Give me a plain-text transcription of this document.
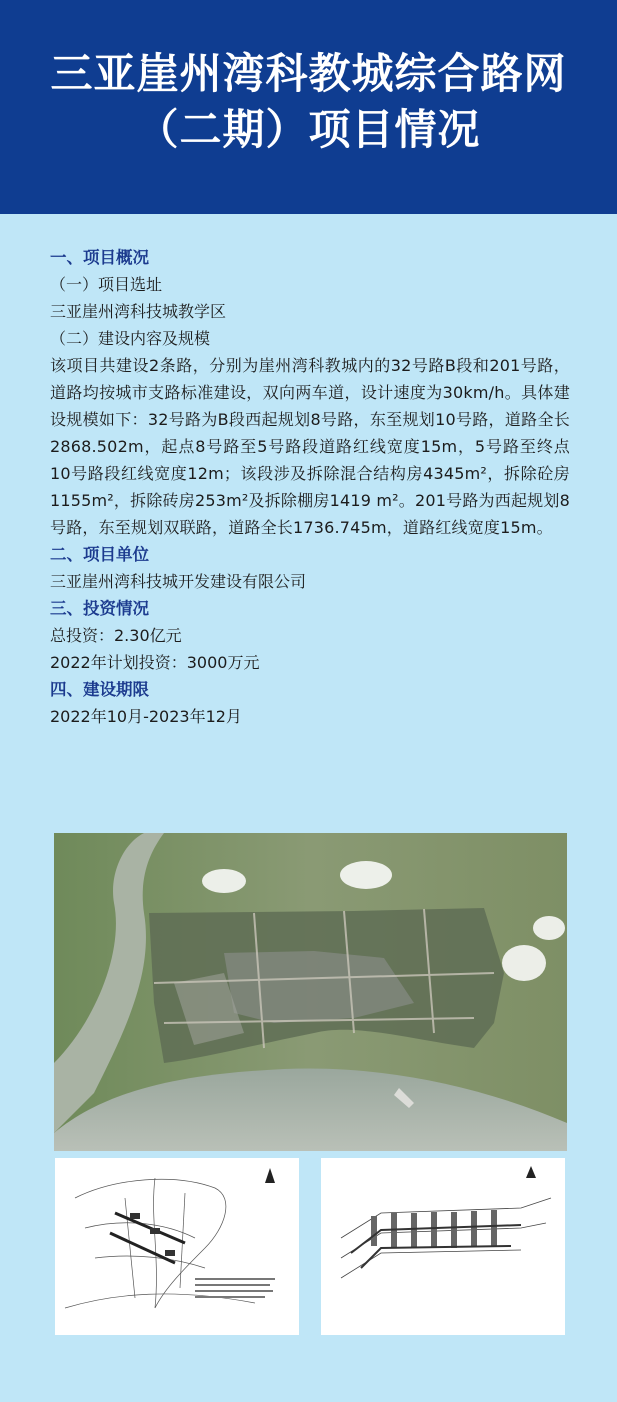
三亚崖州湾科教城综合路网
（二期）项目情况
一、项目概况
（一）项目选址
三亚崖州湾科技城教学区
（二）建设内容及规模
该项目共建设2条路，分别为崖州湾科教城内的32号路B段和201号路，道路均按城市支路标准建设，双向两车道，设计速度为30km/h。具体建设规模如下：32号路为B段西起规划8号路，东至规划10号路，道路全长2868.502m，起点8号路至5号路段道路红线宽度15m，5号路至终点10号路段红线宽度12m；该段涉及拆除混合结构房4345m²，拆除砼房1155m²，拆除砖房253m²及拆除棚房1419 m²。201号路为西起规划8号路，东至规划双联路，道路全长1736.745m，道路红线宽度15m。
二、项目单位
三亚崖州湾科技城开发建设有限公司
三、投资情况
总投资：2.30亿元
2022年计划投资：3000万元
四、建设期限
2022年10月-2023年12月
